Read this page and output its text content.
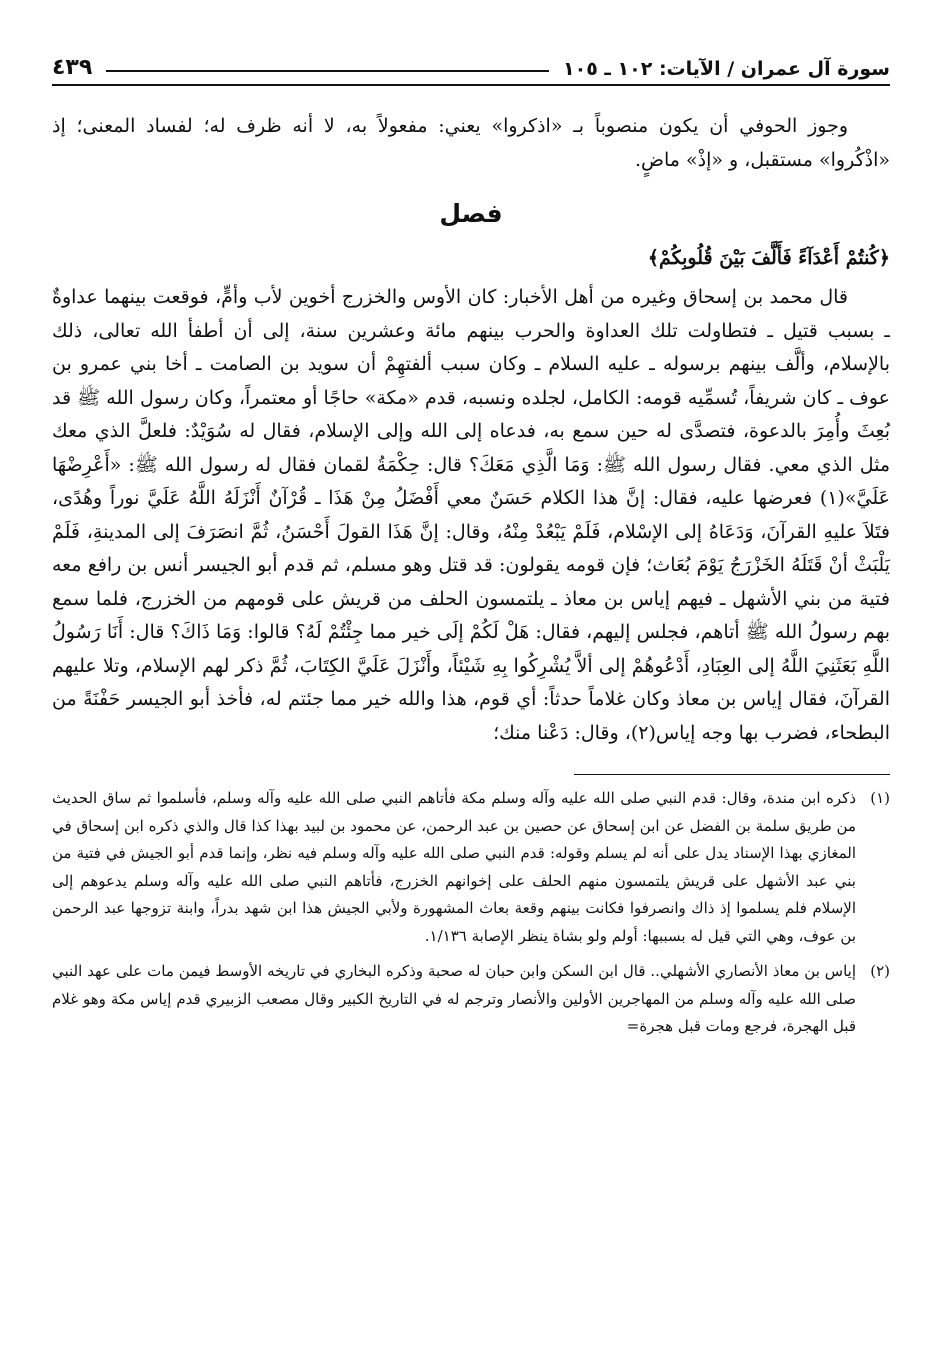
سورة آل عمران / الآيات: ١٠٢ ـ ١٠٥
٤٣٩

وجوز الحوفي أن يكون منصوباً بـ «اذكروا» يعني: مفعولاً به، لا أنه ظرف له؛ لفساد المعنى؛ إذ «اذْكُروا» مستقبل، و «إذْ» ماضٍ.

فصل
﴿كُنتُمْ أَعْدَآءً فَأَلَّفَ بَيْنَ قُلُوبِكُمْ﴾

قال محمد بن إسحاق وغيره من أهل الأخبار: كان الأوس والخزرج أخوين لأب وأمٍّ، فوقعت بينهما عداوةٌ ـ بسبب قتيل ـ فتطاولت تلك العداوة والحرب بينهم مائة وعشرين سنة، إلى أن أطفأ الله تعالى، ذلك بالإسلام، وألَّف بينهم برسوله ـ عليه السلام ـ وكان سبب ألفتهِمْ أن سويد بن الصامت ـ أخا بني عمرو بن عوف ـ كان شريفاً، تُسمِّيه قومه: الكامل، لجلده ونسبه، قدم «مكة» حاجًا أو معتمراً، وكان رسول الله ﷺ قد بُعِثَ وأُمِرَ بالدعوة، فتصدَّى له حين سمع به، فدعاه إلى الله وإلى الإسلام، فقال له سُوَيْدٌ: فلعلَّ الذي معك مثل الذي معي. فقال رسول الله ﷺ: وَمَا الَّذِي مَعَكَ؟ قال: حِكْمَةُ لقمان فقال له رسول الله ﷺ: «أَعْرِضْهَا عَلَيَّ»(١) فعرضها عليه، فقال: إنَّ هذا الكلام حَسَنٌ معي أَفْضَلُ مِنْ هَذَا ـ قُرْآنٌ أَنْزَلَهُ اللَّهُ عَلَيَّ نوراً وهُدًى، فتَلاَ عليهِ القرآنَ، وَدَعَاهُ إلى الإسْلام، فَلَمْ يَبْعُدْ مِنْهُ، وقال: إنَّ هَذَا القولَ أَحْسَنُ، ثُمَّ انصَرَفَ إلى المدينةِ، فَلَمْ يَلْبَثْ أنْ قَتَلَهُ الخَزْرَجُ يَوْمَ بُعَاث؛ فإن قومه يقولون: قد قتل وهو مسلم، ثم قدم أبو الجيسر أنس بن رافع معه فتية من بني الأشهل ـ فيهم إياس بن معاذ ـ يلتمسون الحلف من قريش على قومهم من الخزرج، فلما سمع بهم رسولُ الله ﷺ أتاهم، فجلس إليهم، فقال: هَلْ لَكُمْ إلَى خير مما جِئْتُمْ لَهُ؟ قالوا: وَمَا ذَاكَ؟ قال: أَنَا رَسُولُ اللَّهِ بَعَثَنِيَ اللَّهُ إلى العِبَادِ، أَدْعُوهُمْ إلى ألاَّ يُشْرِكُوا بِهِ شَيْئاً، وأَنْزَلَ عَلَيَّ الكِتَابَ، ثُمَّ ذكر لهم الإسلام، وتلا عليهم القرآنَ، فقال إياس بن معاذ وكان غلاماً حدثاً: أي قوم، هذا والله خير مما جئتم له، فأخذ أبو الجيسر حَفْنَةً من البطحاء، فضرب بها وجه إياس(٢)، وقال: دَعْنا منك؛

(١)
ذكره ابن مندة، وقال: قدم النبي صلى الله عليه وآله وسلم مكة فأتاهم النبي صلى الله عليه وآله وسلم، فأسلموا ثم ساق الحديث من طريق سلمة بن الفضل عن ابن إسحاق عن حصين بن عبد الرحمن، عن محمود بن لبيد بهذا كذا قال والذي ذكره ابن إسحاق في المغازي بهذا الإسناد يدل على أنه لم يسلم وقوله: قدم النبي صلى الله عليه وآله وسلم فيه نظر، وإنما قدم أبو الجيش في فتية من بني عبد الأشهل على قريش يلتمسون منهم الحلف على إخوانهم الخزرج، فأتاهم النبي صلى الله عليه وآله وسلم يدعوهم إلى الإسلام فلم يسلموا إذ ذاك وانصرفوا فكانت بينهم وقعة بعاث المشهورة ولأبي الجيش هذا ابن شهد بدراً، وابنة تزوجها عبد الرحمن بن عوف، وهي التي قيل له بسببها: أولم ولو بشاة ينظر الإصابة ١/١٣٦.
(٢)
إياس بن معاذ الأنصاري الأشهلي.. قال ابن السكن وابن حبان له صحبة وذكره البخاري في تاريخه الأوسط فيمن مات على عهد النبي صلى الله عليه وآله وسلم من المهاجرين الأولين والأنصار وترجم له في التاريخ الكبير وقال مصعب الزبيري قدم إياس مكة وهو غلام قبل الهجرة، فرجع ومات قبل هجرة=
